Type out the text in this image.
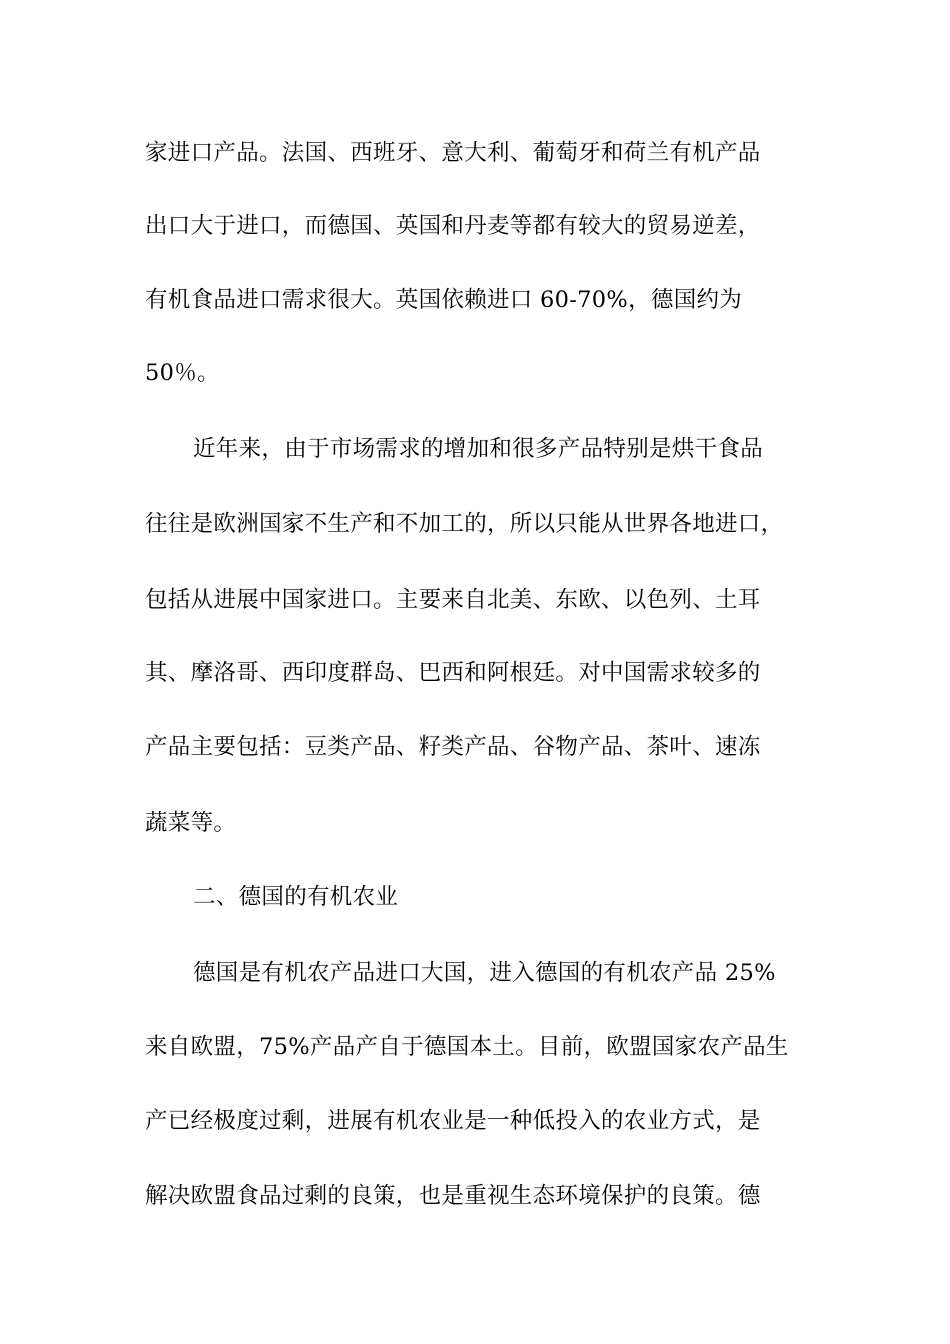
家进口产品。法国、西班牙、意大利、葡萄牙和荷兰有机产品
出口大于进口，而德国、英国和丹麦等都有较大的贸易逆差，
有机食品进口需求很大。英国依赖进口 60-70%，德国约为
50％。
近年来，由于市场需求的增加和很多产品特别是烘干食品
往往是欧洲国家不生产和不加工的，所以只能从世界各地进口，
包括从进展中国家进口。主要来自北美、东欧、以色列、土耳
其、摩洛哥、西印度群岛、巴西和阿根廷。对中国需求较多的
产品主要包括：豆类产品、籽类产品、谷物产品、茶叶、速冻
蔬菜等。
二、德国的有机农业
德国是有机农产品进口大国，进入德国的有机农产品 25%
来自欧盟，75%产品产自于德国本土。目前，欧盟国家农产品生
产已经极度过剩，进展有机农业是一种低投入的农业方式，是
解决欧盟食品过剩的良策，也是重视生态环境保护的良策。德
